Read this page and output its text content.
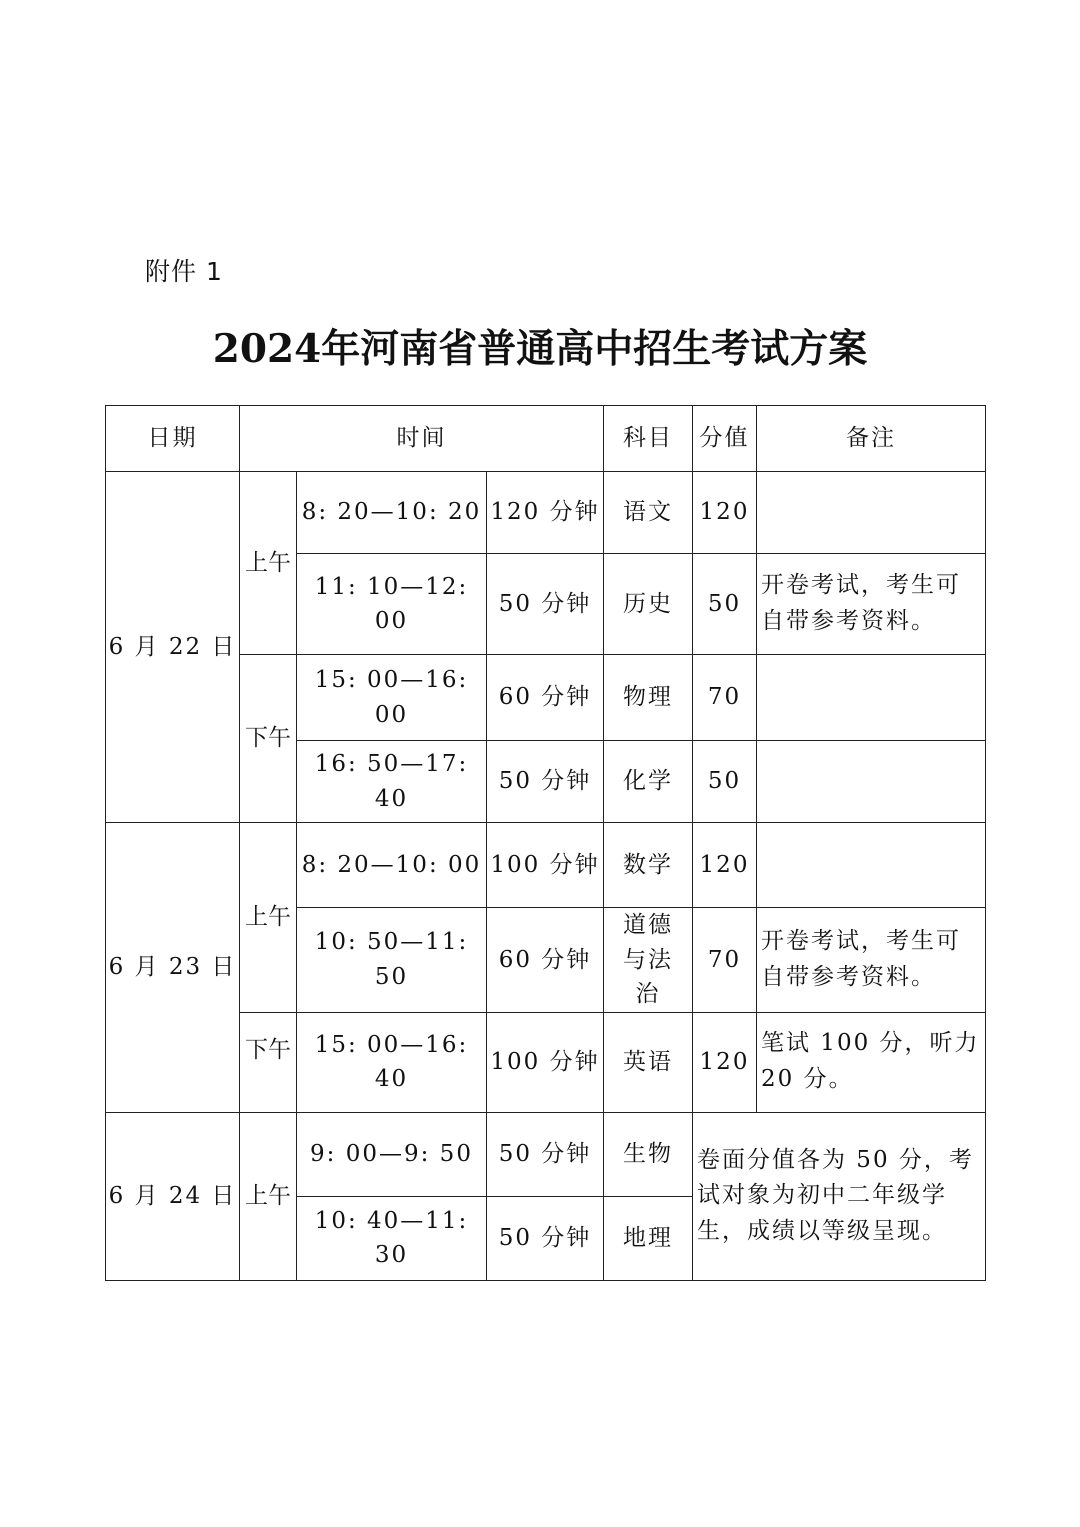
附件 1
2024年河南省普通高中招生考试方案
日期	时间			科目	分值	备注
6 月 22 日	上午	8: 20—10: 20	120 分钟	语文	120	
		11: 10—12: 00	50 分钟	历史	50	开卷考试，考生可自带参考资料。
	下午	15: 00—16: 00	60 分钟	物理	70	
		16: 50—17: 40	50 分钟	化学	50	
6 月 23 日	上午	8: 20—10: 00	100 分钟	数学	120	
		10: 50—11: 50	60 分钟	道德与法治	70	开卷考试，考生可自带参考资料。
	下午	15: 00—16: 40	100 分钟	英语	120	笔试 100 分，听力 20 分。
6 月 24 日	上午	9: 00—9: 50	50 分钟	生物	卷面分值各为 50 分，考试对象为初中二年级学生，成绩以等级呈现。	
		10: 40—11: 30	50 分钟	地理		
